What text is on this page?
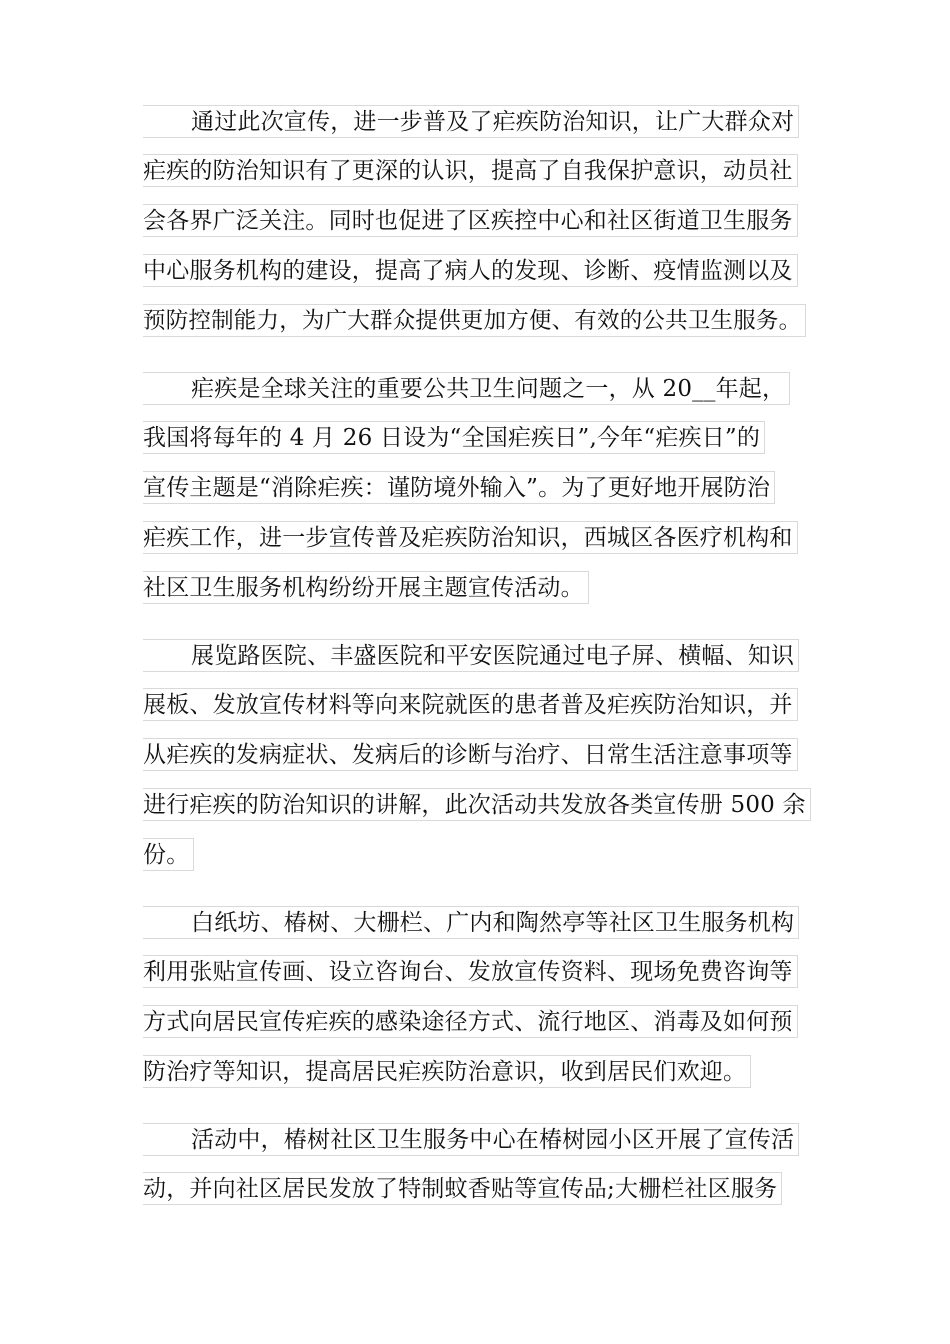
通过此次宣传，进一步普及了疟疾防治知识，让广大群众对
疟疾的防治知识有了更深的认识，提高了自我保护意识，动员社
会各界广泛关注。同时也促进了区疾控中心和社区街道卫生服务
中心服务机构的建设，提高了病人的发现、诊断、疫情监测以及
预防控制能力，为广大群众提供更加方便、有效的公共卫生服务。
疟疾是全球关注的重要公共卫生问题之一，从 20__年起，
我国将每年的 4 月 26 日设为“全国疟疾日”,今年“疟疾日”的
宣传主题是“消除疟疾：谨防境外输入”。为了更好地开展防治
疟疾工作，进一步宣传普及疟疾防治知识，西城区各医疗机构和
社区卫生服务机构纷纷开展主题宣传活动。
展览路医院、丰盛医院和平安医院通过电子屏、横幅、知识
展板、发放宣传材料等向来院就医的患者普及疟疾防治知识，并
从疟疾的发病症状、发病后的诊断与治疗、日常生活注意事项等
进行疟疾的防治知识的讲解，此次活动共发放各类宣传册 500 余
份。
白纸坊、椿树、大栅栏、广内和陶然亭等社区卫生服务机构
利用张贴宣传画、设立咨询台、发放宣传资料、现场免费咨询等
方式向居民宣传疟疾的感染途径方式、流行地区、消毒及如何预
防治疗等知识，提高居民疟疾防治意识，收到居民们欢迎。
活动中，椿树社区卫生服务中心在椿树园小区开展了宣传活
动，并向社区居民发放了特制蚊香贴等宣传品;大栅栏社区服务
